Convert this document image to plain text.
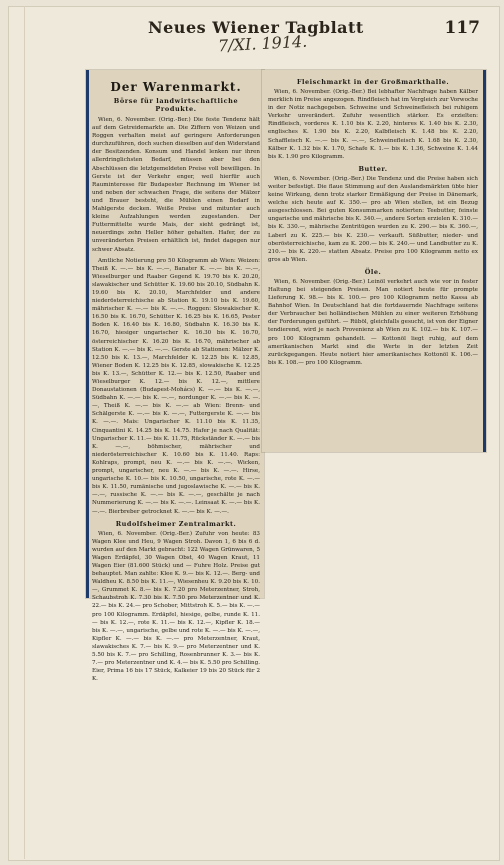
Neues Wiener Tagblatt	117
7/XI. 1914.
Der Warenmarkt.
Börse für landwirtschaftliche Produkte.

Wien, 6. November. (Orig.-Ber.) Die feste Tendenz hält auf dem Getreidemarkte an. Die Ziffern von Weizen und Roggen verhalten meist auf geringere Anforderungen durchzuführen, doch suchen dieselben auf den Widerstand der Besitzenden. Konsum und Handel lenken nur ihren allerdringlichsten Bedarf, müssen aber bei den Abschlüssen die letztgemeldeten Preise voll bewilligen. In Gerste ist der Verkehr enger, weil hierfür auch Rauminteresse für Budapester Rechnung im Wiener ist und neben der schwachen Frage, die seitens der Mälzer und Brauer besteht, die Mühlen einen Bedarf in Mahlgerste decken. Weiße Preise und mitunter auch kleine Aufzahlungen werden zugestanden. Der Futtermittelte wurde Mais, der sieht gedrängt ist, neuerdings zehn Heller höher gehalten. Hafer, der zu unveränderten Preisen erhältlich ist, findet dagegen nur schwer Absatz.

Amtliche Notierung pro 50 Kilogramm ab Wien: Weizen: Theiß K. —.— bis K. —.—, Banater K. —.— bis K. —.—, Wieselburger und Raaber Gegend K. 19.70 bis K. 20.20, slawakischer und Schütter K. 19.60 bis 20.10, Südbahn K. 19.60 bis K. 20.10, Marchfelder und andere niederösterreichische ab Station K. 19.10 bis K. 19.60, mährischer K. —.— bis K. —.—. Roggen: Slowakischer K. 16.50 bis K. 16.70, Schütter K. 16.25 bis K. 16.65, Pester Boden K. 16.40 bis K. 16.80, Südbahn K. 16.30 bis K. 16.70, hiesiger ungarischer K. 16.30 bis K. 16.70, österreichischer K. 16.20 bis K. 16.70, mährischer ab Station K. —.— bis K. —.—. Gerste ab Stationen: Mälzer K. 12.50 bis K. 13.—, Marchfelder K. 12.25 bis K. 12.85, Wiener Boden K. 12.25 bis K. 12.85, slowakische K. 12.25 bis K. 13.—, Schütter K. 12.— bis K. 12.50, Raaber und Wieselburger K. 12.— bis K. 12.—, mittlere Donaustationen (Budapest-Mohács) K. —.— bis K. —.—, Südbahn K. —.— bis K. —.—, nordunger K. —.— bis K. —.—, Theiß K. —.— bis K. —.— ab Wien: Brenn- und Schälgerste K. —.— bis K. —.—, Futtergerste K. —.— bis K. —.—. Mais: Ungarischer K. 11.10 bis K. 11.35, Cinquantini K. 14.25 bis K. 14.75. Hafer je nach Qualität: Ungarischer K. 11.— bis K. 11.75, Rückständer K. —.— bis K. —.—, böhmischer, mährischer und niederösterreichischer K. 10.60 bis K. 11.40. Raps: Kohlraps, prompt, neu K. —.— bis K. —.—. Wicken, prompt, ungarischer, neu K. —.— bis K. —.—. Hirse, ungarische K. 10.— bis K. 10.50, ungarische, rote K. —.— bis K. 11.50, rumänische und jugoslawische K. —.— bis K. —.—, russische K. —.— bis K. —.—, geschälte je nach Nummerierung K. —.— bis K. —.—. Leinsaat K. —.— bis K. —.—. Bierbreber getrocknet K. —.— bis K. —.—.

Rudolfsheimer Zentralmarkt.

Wien, 6. November. (Orig.-Ber.) Zufuhr von heute: 83 Wagen Klee und Heu, 9 Wagen Stroh. Davon 1, 6 bis 6 d. wurden auf den Markt gebracht: 122 Wagen Grünwaren, 5 Wagen Erdäpfel, 30 Wagen Obst, 40 Wagen Kraut, 11 Wagen Eier (81.600 Stück) und — Fuhre Holz. Preise gut behauptet. Man zahlte: Klee K. 9.— bis K. 12.—. Berg- und Waldheu K. 8.50 bis K. 11.—, Wiesenheu K. 9.20 bis K. 10.—, Grummet K. 8.— bis K. 7.20 pro Meterzentner, Stroh, Schaubstroh K. 7.30 bis K. 7.50 pro Meterzentner und K. 22.— bis K. 24.— pro Schober, Mittstroh K. 5.— bis K. —.— pro 100 Kilogramm. Erdäpfel, hiesige, gelbe, runde K. 11.— bis K. 12.—, rote K. 11.— bis K. 12.—, Kipfler K. 18.— bis K. —.—, ungarische, gelbe und rote K. —.— bis K. —.—, Kipfler K. —.— bis K. —.— pro Meterzentner, Kraut, slawakisches K. 7.— bis K. 9.— pro Meterzentner und K. 5.50 bis K. 7.— pro Schilling, Rosenbrunner K. 3.— bis K. 7.— pro Meterzentner und K. 4.— bis K. 5.50 pro Schilling. Eier, Prima 16 bis 17 Stück, Kalkeier 19 bis 20 Stück für 2 K.

Fleischmarkt in der Großmarkthalle.

Wien, 6. November. (Orig.-Ber.) Bei lebhafter Nachfrage haben Kälber merklich im Preise angezogen. Rindfleisch hat im Vergleich zur Vorwoche in der Notiz nachgegeben. Schweine und Schweinefleisch bei ruhigem Verkehr unverändert. Zufuhr wesentlich stärker. Es erzielten: Rindfleisch, vorderes K. 1.10 bis K. 2.20, hinteres K. 1.40 bis K. 2.30, englisches K. 1.90 bis K. 2.20, Kalbfleisch K. 1.48 bis K. 2.20, Schaffleisch K. —.— bis K. —.—, Schweinefleisch K. 1.68 bis K. 2.30, Kälber K. 1.32 bis K. 1.70, Schafe K. 1.— bis K. 1.36, Schweine K. 1.44 bis K. 1.90 pro Kilogramm.

Butter.

Wien, 6. November. (Orig.-Ber.) Die Tendenz und die Preise haben sich weiter befestigt. Die flaue Stimmung auf den Auslandsmärkten übte hier keine Wirkung, denn trotz starker Ermäßigung der Preise in Dänemark, welche sich heute auf K. 350.— pro ab Wien stellen, ist ein Bezug ausgeschlossen. Bei guten Konsummarken notierten: Teebutter, feinste ungarische und mährische bis K. 340.—, andere Sorten erzielen K. 310.— bis K. 330.—, mährische Zentritügen wurden zu K. 290.— bis K. 360.—, Laberl zu K. 225.— bis K. 230.— verkauft. Süßbutter, nieder- und oberösterreichische, kam zu K. 200.— bis K. 240.— und Landbutter zu K. 210.— bis K. 220.— statten Absatz. Preise pro 100 Kilogramm netto ex gros ab Wien.

Öle.

Wien, 6. November. (Orig.-Ber.) Leinöl verkehrt auch wie vor in fester Haltung bei steigenden Preisen. Man notiert heute für prompte Lieferung K. 98.— bis K. 100.— pro 100 Kilogramm netto Kassa ab Bahnhof Wien. In Deutschland hat die fortdauernde Nachfrage seitens der Verbraucher bei holländischen Mühlen zu einer weiteren Erhöhung der Forderungen geführt. — Rüböl, gleichfalls gesucht, ist von der Eigner tendierend, wird je nach Provenienz ab Wien zu K. 102.— bis K. 107.— pro 100 Kilogramm gehandelt. — Kottonöl liegt ruhig, auf dem amerikanischen Markt sind die Werte in der letzten Zeit zurückgegangen. Heute notiert hier amerikanisches Kottonöl K. 106.— bis K. 108.— pro 100 Kilogramm.
